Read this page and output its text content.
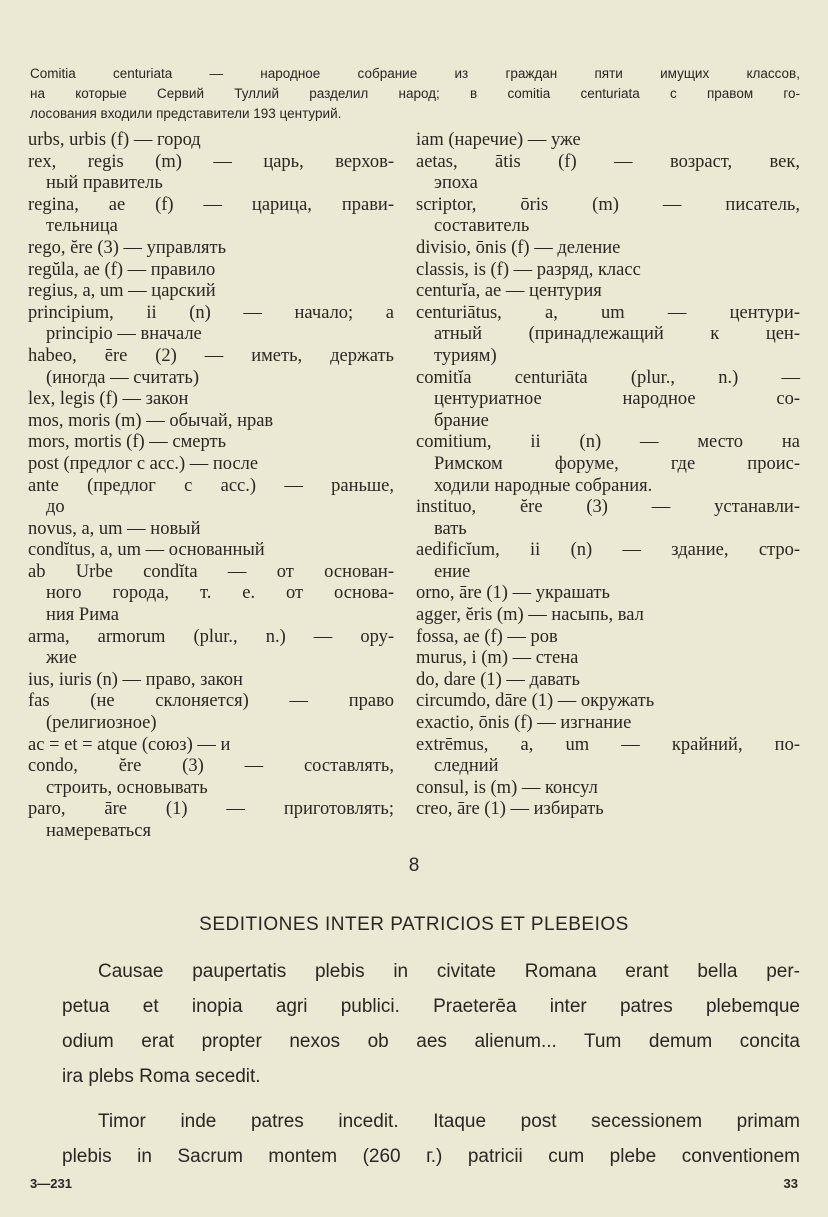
Comitia centuriata — народное собрание из граждан пяти имущих классов,
на которые Сервий Туллий разделил народ; в comitia centuriata с правом го-
лосования входили представители 193 центурий.
urbs, urbis (f) — город
rex, regis (m) — царь, верхов-
ный правитель
regina, ae (f) — царица, прави-
тельница
rego, ĕre (3) — управлять
regŭla, ae (f) — правило
regius, a, um — царский
principium, ii (n) — начало; a
principio — вначале
habeo, ēre (2) — иметь, держать
(иногда — считать)
lex, legis (f) — закон
mos, moris (m) — обычай, нрав
mors, mortis (f) — смерть
post (предлог с acc.) — после
ante (предлог с acc.) — раньше,
до
novus, a, um — новый
condĭtus, a, um — основанный
ab Urbe condĭta — от основан-
ного города, т. е. от основа-
ния Рима
arma, armorum (plur., n.) — ору-
жие
ius, iuris (n) — право, закон
fas (не склоняется) — право
(религиозное)
ac = et = atque (союз) — и
condo, ĕre (3) — составлять,
строить, основывать
paro, āre (1) — приготовлять;
намереваться
iam (наречие) — уже
aetas, ātis (f) — возраст, век,
эпоха
scriptor, ōris (m) — писатель,
составитель
divisio, ōnis (f) — деление
classis, is (f) — разряд, класс
centurĭa, ae — центурия
centuriātus, a, um — центури-
атный (принадлежащий к цен-
туриям)
comitĭa centuriāta (plur., n.) —
центуриатное народное со-
брание
comitium, ii (n) — место на
Римском форуме, где проис-
ходили народные собрания.
instituo, ĕre (3) — устанавли-
вать
aedificĭum, ii (n) — здание, стро-
ение
orno, āre (1) — украшать
agger, ĕris (m) — насыпь, вал
fossa, ae (f) — ров
murus, i (m) — стена
do, dare (1) — давать
circumdo, dāre (1) — окружать
exactio, ōnis (f) — изгнание
extrēmus, a, um — крайний, по-
следний
consul, is (m) — консул
creo, āre (1) — избирать
8
SEDITIONES INTER PATRICIOS ET PLEBEIOS
Causae paupertatis plebis in civitate Romana erant bella per-
petua et inopia agri publici. Praeterēa inter patres plebemque
odium erat propter nexos ob aes alienum... Tum demum concita
ira plebs Roma secedit.
Timor inde patres incedit. Itaque post secessionem primam
plebis in Sacrum montem (260 г.) patricii cum plebe conventionem
3—231	33
